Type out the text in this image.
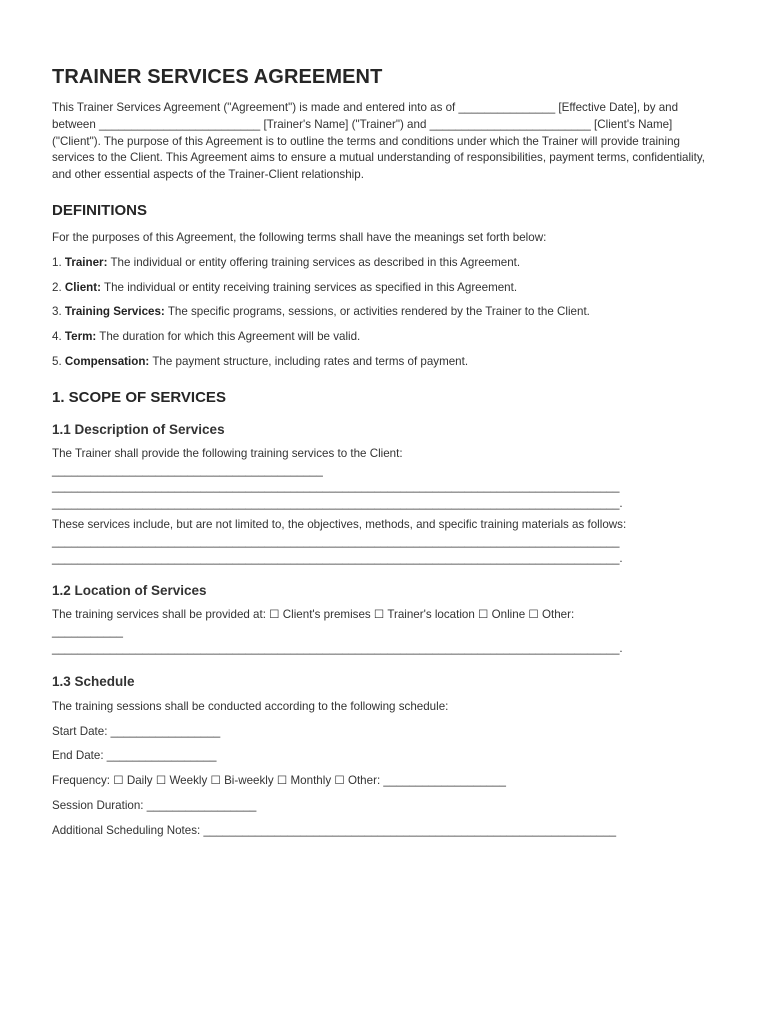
TRAINER SERVICES AGREEMENT

This Trainer Services Agreement ("Agreement") is made and entered into as of _______________ [Effective Date], by and between _________________________ [Trainer's Name] ("Trainer") and _________________________ [Client's Name] ("Client"). The purpose of this Agreement is to outline the terms and conditions under which the Trainer will provide training services to the Client. This Agreement aims to ensure a mutual understanding of responsibilities, payment terms, confidentiality, and other essential aspects of the Trainer-Client relationship.

DEFINITIONS

For the purposes of this Agreement, the following terms shall have the meanings set forth below:

1. Trainer: The individual or entity offering training services as described in this Agreement.

2. Client: The individual or entity receiving training services as specified in this Agreement.

3. Training Services: The specific programs, sessions, or activities rendered by the Trainer to the Client.

4. Term: The duration for which this Agreement will be valid.

5. Compensation: The payment structure, including rates and terms of payment.

1. SCOPE OF SERVICES
1.1 Description of Services

The Trainer shall provide the following training services to the Client:

__________________________________________

________________________________________________________________________________________

________________________________________________________________________________________.

These services include, but are not limited to, the objectives, methods, and specific training materials as follows:

________________________________________________________________________________________

________________________________________________________________________________________.

1.2 Location of Services

The training services shall be provided at: ☐ Client's premises ☐ Trainer's location ☐ Online ☐ Other:

___________

________________________________________________________________________________________.

1.3 Schedule

The training sessions shall be conducted according to the following schedule:

Start Date: _________________

End Date: _________________

Frequency: ☐ Daily ☐ Weekly ☐ Bi-weekly ☐ Monthly ☐ Other: ___________________

Session Duration: _________________

Additional Scheduling Notes: ________________________________________________________________
